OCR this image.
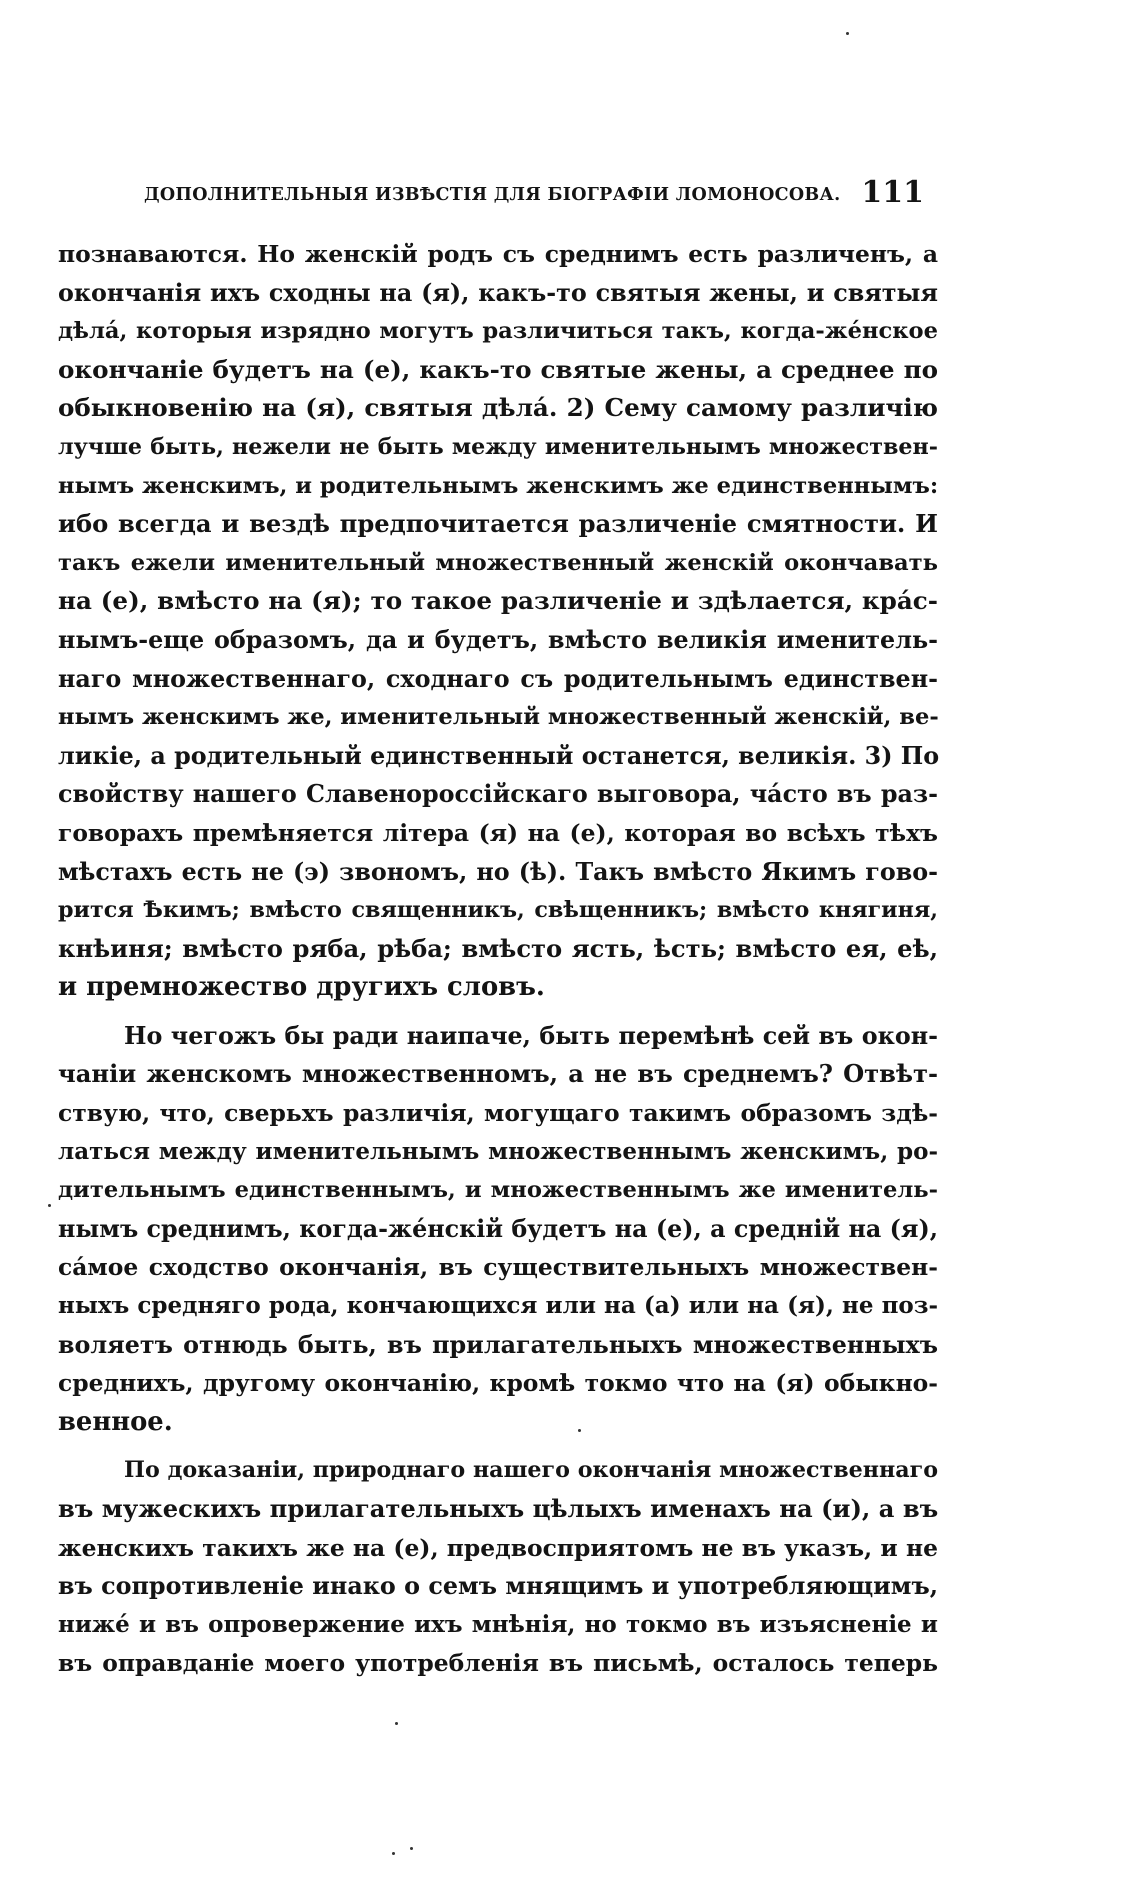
ДОПОЛНИТЕЛЬНЫЯ ИЗВѢСТІЯ ДЛЯ БІОГРАФІИ ЛОМОНОСОВА. 111
познаваются. Но женскій родъ съ среднимъ есть различенъ, а
окончанія ихъ сходны на (я), какъ-то святыя жены, и святыя
дѣла́, которыя изрядно могутъ различиться такъ, когда-же́нское
окончаніе будетъ на (е), какъ-то святые жены, а среднее по
обыкновенію на (я), святыя дѣла́. 2) Сему самому различію
лучше быть, нежели не быть между именительнымъ множествен-
нымъ женскимъ, и родительнымъ женскимъ же единственнымъ:
ибо всегда и вездѣ предпочитается различеніе смятности. И
такъ ежели именительный множественный женскій окончавать
на (е), вмѣсто на (я); то такое различеніе и здѣлается, кра́с-
нымъ-еще образомъ, да и будетъ, вмѣсто великія именитель-
наго множественнаго, сходнаго съ родительнымъ единствен-
нымъ женскимъ же, именительный множественный женскій, ве-
ликіе, а родительный единственный останется, великія. 3) По
свойству нашего Славенороссійскаго выговора, ча́сто въ раз-
говорахъ премѣняется літера (я) на (е), которая во всѣхъ тѣхъ
мѣстахъ есть не (э) звономъ, но (ѣ). Такъ вмѣсто Якимъ гово-
рится Ѣкимъ; вмѣсто священникъ, свѣщенникъ; вмѣсто княгиня,
кнѣиня; вмѣсто ряба, рѣба; вмѣсто ясть, ѣсть; вмѣсто ея, еѣ,
и премножество другихъ словъ.
Но чегожъ бы ради наипаче, быть перемѣнѣ сей въ окон-
чаніи женскомъ множественномъ, а не въ среднемъ? Отвѣт-
ствую, что, сверьхъ различія, могущаго такимъ образомъ здѣ-
латься между именительнымъ множественнымъ женскимъ, ро-
дительнымъ единственнымъ, и множественнымъ же именитель-
нымъ среднимъ, когда-же́нскій будетъ на (е), а средній на (я),
са́мое сходство окончанія, въ существительныхъ множествен-
ныхъ средняго рода, кончающихся или на (а) или на (я), не поз-
воляетъ отнюдь быть, въ прилагательныхъ множественныхъ
среднихъ, другому окончанію, кромѣ токмо что на (я) обыкно-
венное.
По доказаніи, природнаго нашего окончанія множественнаго
въ мужескихъ прилагательныхъ цѣлыхъ именахъ на (и), а въ
женскихъ такихъ же на (е), предвосприятомъ не въ указъ, и не
въ сопротивленіе инако о семъ мнящимъ и употребляющимъ,
ниже́ и въ опровержение ихъ мнѣнія, но токмо въ изъясненіе и
въ оправданіе моего употребленія въ письмѣ, осталось теперь
